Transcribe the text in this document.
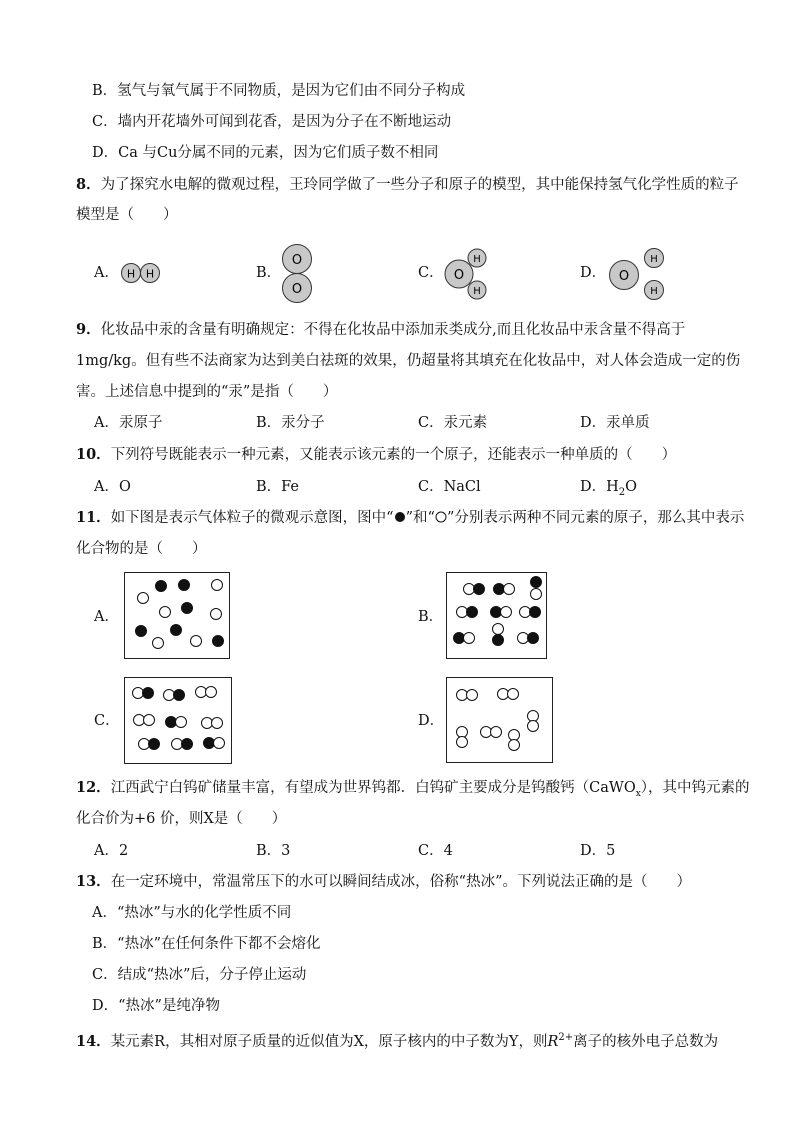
B．氢气与氧气属于不同物质，是因为它们由不同分子构成
C．墙内开花墙外可闻到花香，是因为分子在不断地运动
D．Ca 与Cu分属不同的元素，因为它们质子数不相同
8．为了探究水电解的微观过程，王玲同学做了一些分子和原子的模型，其中能保持氢气化学性质的粒子
模型是（　　）
A． H H	B．
O
O
C． O
H
H
D． O
H
H
9．化妆品中汞的含量有明确规定：不得在化妆品中添加汞类成分,而且化妆品中汞含量不得高于
1mg/kg。但有些不法商家为达到美白祛斑的效果，仍超量将其填充在化妆品中，对人体会造成一定的伤
害。上述信息中提到的“汞”是指（　　）
A．汞原子	B．汞分子	C．汞元素	D．汞单质
10．下列符号既能表示一种元素，又能表示该元素的一个原子，还能表示一种单质的（　　）
A．O	B．Fe	C．NaCl	D．$H_2O$
11．如下图是表示气体粒子的微观示意图，图中“ ”和“ ”分别表示两种不同元素的原子，那么其中表示
化合物的是（　　）
A．	B．
C．	D．
12．江西武宁白钨矿储量丰富，有望成为世界钨都．白钨矿主要成分是钨酸钙（CaWO$_x$），其中钨元素的
化合价为+6 价，则X是（　　）
A．2	B．3	C．4	D．5
13．在一定环境中，常温常压下的水可以瞬间结成冰，俗称“热冰”。下列说法正确的是（　　）
A．“热冰”与水的化学性质不同
B．“热冰”在任何条件下都不会熔化
C．结成“热冰”后，分子停止运动
D．“热冰”是纯净物
14．某元素R，其相对原子质量的近似值为X，原子核内的中子数为Y，则$R^{2+}$离子的核外电子总数为
